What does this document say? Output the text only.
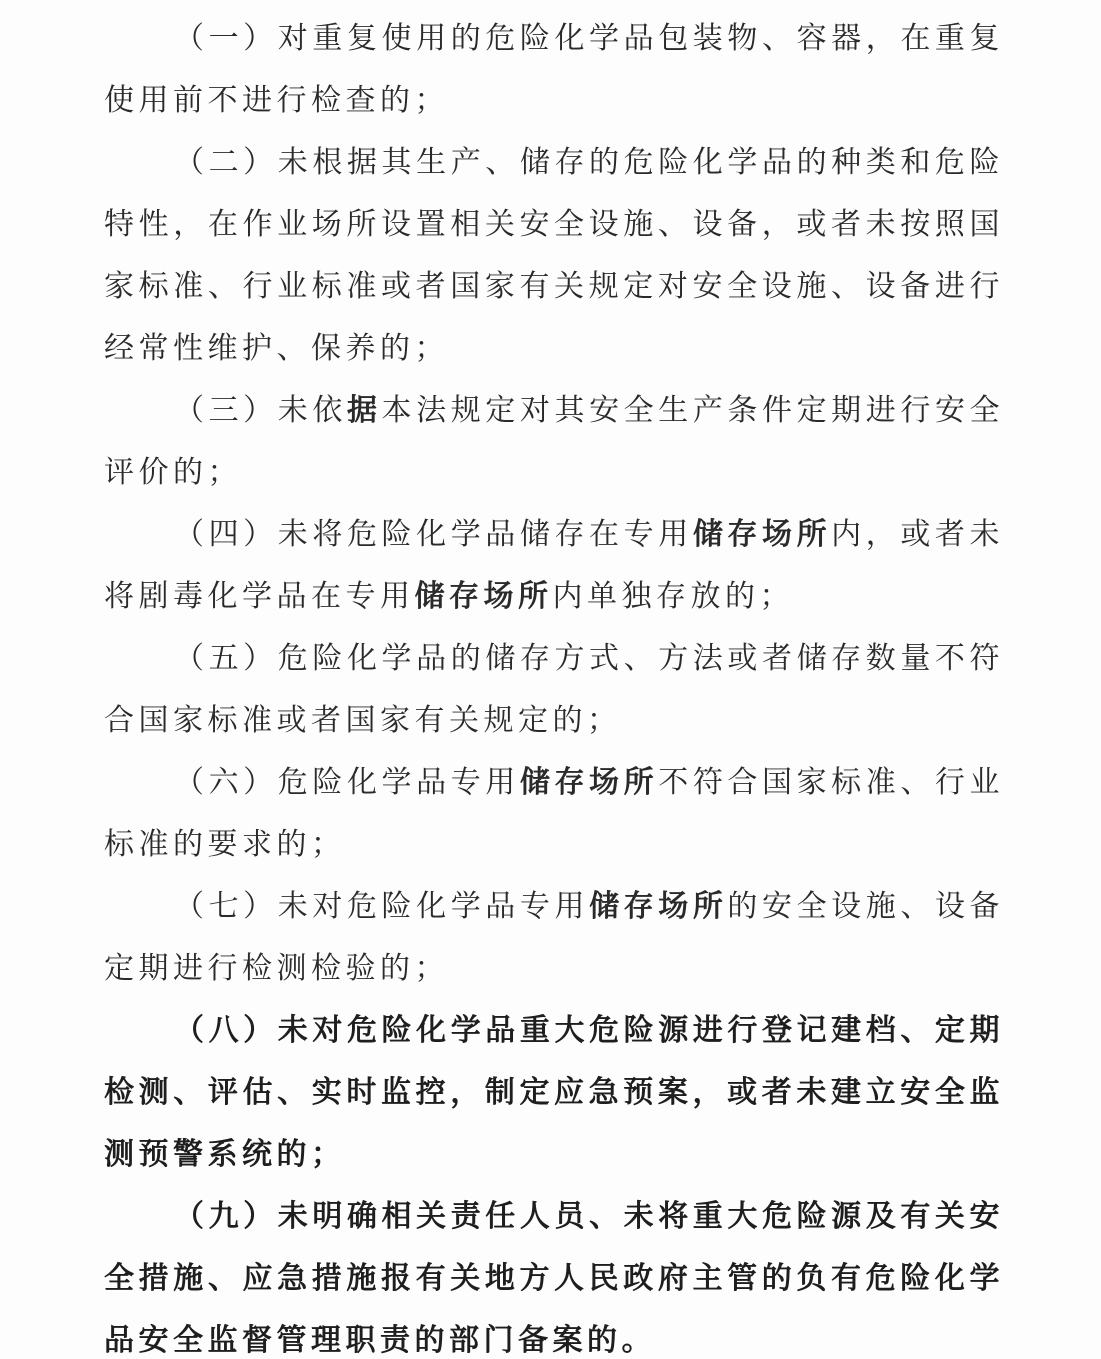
（一）对重复使用的危险化学品包装物、容器，在重复使用前不进行检查的；

（二）未根据其生产、储存的危险化学品的种类和危险特性，在作业场所设置相关安全设施、设备，或者未按照国家标准、行业标准或者国家有关规定对安全设施、设备进行经常性维护、保养的；

（三）未依据本法规定对其安全生产条件定期进行安全评价的；

（四）未将危险化学品储存在专用储存场所内，或者未将剧毒化学品在专用储存场所内单独存放的；

（五）危险化学品的储存方式、方法或者储存数量不符合国家标准或者国家有关规定的；

（六）危险化学品专用储存场所不符合国家标准、行业标准的要求的；

（七）未对危险化学品专用储存场所的安全设施、设备定期进行检测检验的；

（八）未对危险化学品重大危险源进行登记建档、定期检测、评估、实时监控，制定应急预案，或者未建立安全监测预警系统的；

（九）未明确相关责任人员、未将重大危险源及有关安全措施、应急措施报有关地方人民政府主管的负有危险化学品安全监督管理职责的部门备案的。
